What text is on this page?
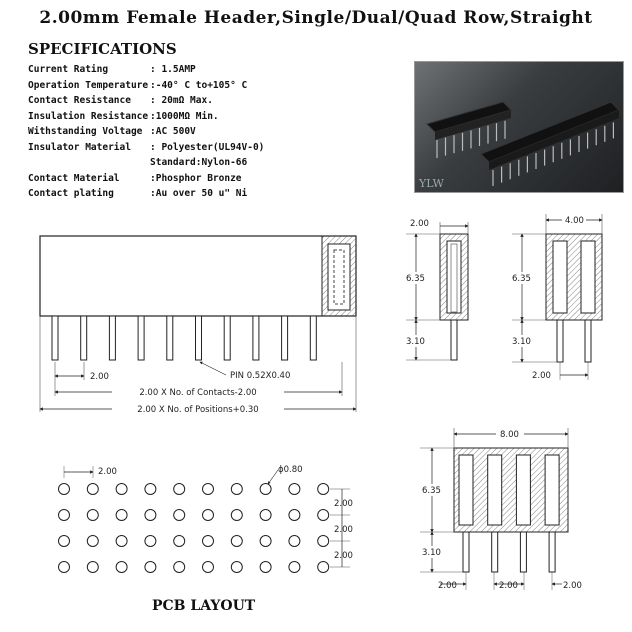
2.00mm Female Header,Single/Dual/Quad Row,Straight
SPECIFICATIONS
Current Rating	: 1.5AMP
Operation Temperature :-40° C to+105° C
Contact Resistance : 20mΩ Max.
Insulation Resistance :1000MΩ Min.
Withstanding Voltage :AC 500V
Insulator Material : Polyester(UL94V-0)
Standard:Nylon-66
Contact Material	:Phosphor Bronze
Contact plating	:Au over 50 u" Ni
YLW
2.00	PIN 0.52X0.40
2.00 X No. of Contacts-2.00
2.00 X No. of Positions+0.30
2.00
6.35
3.10
4.00
6.35
3.10
2.00
8.00
6.35
3.10
2.00	2.00	2.00
2.00	ϕ0.80
2.00
2.00
2.00
PCB LAYOUT
